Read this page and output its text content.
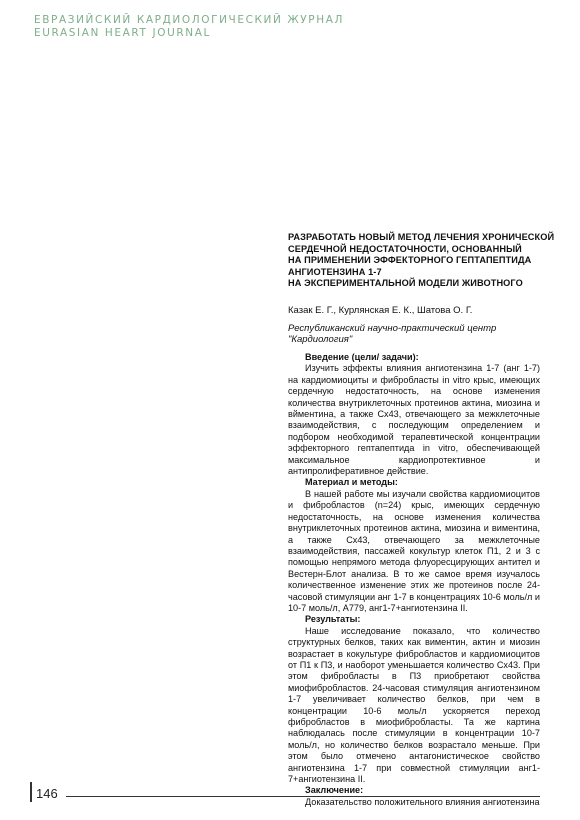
ЕВРАЗИЙСКИЙ КАРДИОЛОГИЧЕСКИЙ ЖУРНАЛ
EURASIAN HEART JOURNAL
РАЗРАБОТАТЬ НОВЫЙ МЕТОД ЛЕЧЕНИЯ ХРОНИЧЕСКОЙ
СЕРДЕЧНОЙ НЕДОСТАТОЧНОСТИ, ОСНОВАННЫЙ
НА ПРИМЕНЕНИИ ЭФФЕКТОРНОГО ГЕПТАПЕПТИДА
АНГИОТЕНЗИНА 1-7
НА ЭКСПЕРИМЕНТАЛЬНОЙ МОДЕЛИ ЖИВОТНОГО
Казак Е. Г., Курлянская Е. К., Шатова О. Г.
Республиканский научно-практический центр "Кардиология"
Введение (цели/ задачи):

Изучить эффекты влияния ангиотензина 1-7 (анг 1-7) на кардиомиоциты и фибробласты in vitro крыс, имеющих сердечную недостаточность, на основе изменения количества внутриклеточных протеинов актина, миозина и вйментина, а также Cx43, отвечающего за межклеточные взаимодействия, с последующим определением и подбором необходимой терапевтической концентрации эффекторного гептапептида in vitro, обеспечивающей максимальное кардиопротективное и антипролиферативное действие.

Материал и методы:

В нашей работе мы изучали свойства кардиомиоцитов и фибробластов (n=24) крыс, имеющих сердечную недостаточность, на основе изменения количества внутриклеточных протеинов актина, миозина и виментина, а также Cx43, отвечающего за межклеточные взаимодействия, пассажей кокультур клеток П1, 2 и 3 с помощью непрямого метода флуоресцирующих антител и Вестерн-Блот анализа. В то же самое время изучалось количественное изменение этих же протеинов после 24-часовой стимуляции анг 1-7 в концентрациях 10-6 моль/л и 10-7 моль/л, A779, анг1-7+ангиотензина II.

Результаты:

Наше исследование показало, что количество структурных белков, таких как виментин, актин и миозин возрастает в кокультуре фибробластов и кардиомиоцитов от П1 к П3, и наоборот уменьшается количество Cx43. При этом фибробласты в П3 приобретают свойства миофибробластов. 24-часовая стимуляция ангиотензином 1-7 увеличивает количество белков, при чем в концентрации 10-6 моль/л ускоряется переход фибробластов в миофибробласты. Та же картина наблюдалась после стимуляции в концентрации 10-7 моль/л, но количество белков возрастало меньше. При этом было отмечено антагонистическое свойство ангиотензина 1-7 при совместной стимуляции анг1-7+ангиотензина II.

Заключение:

Доказательство положительного влияния ангиотензина

146
